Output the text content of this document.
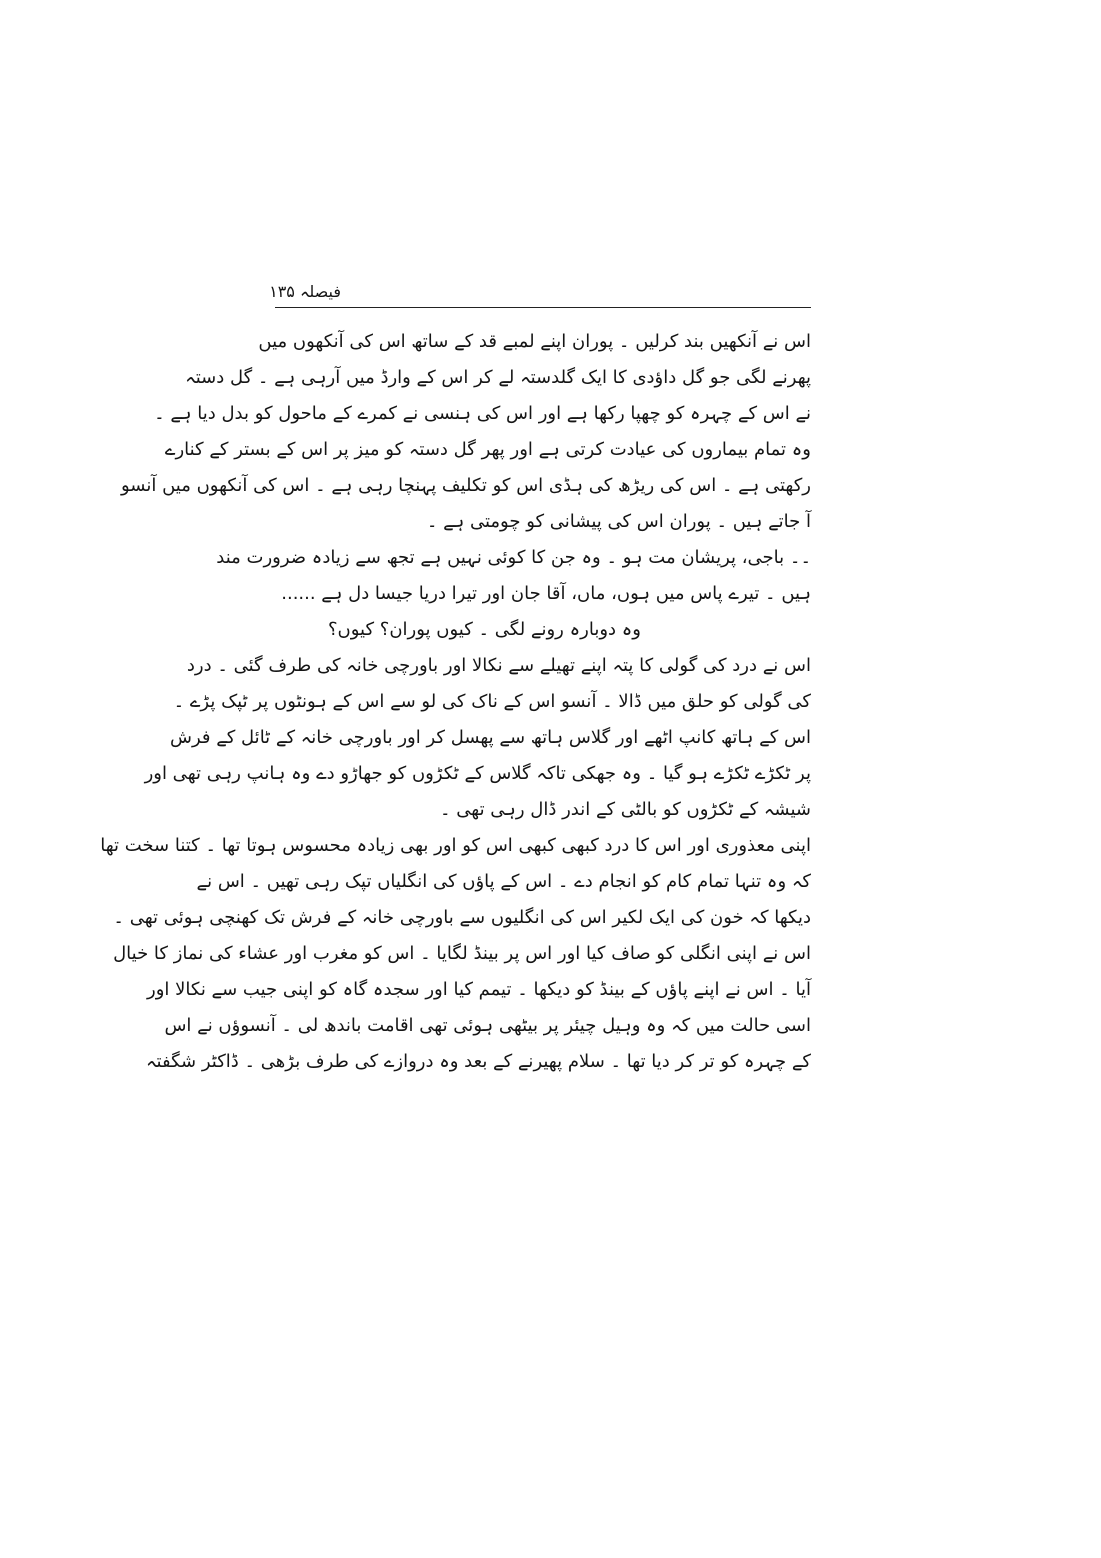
فیصلہ ۱۳۵
اس نے آنکھیں بند کرلیں ۔ پوران اپنے لمبے قد کے ساتھ اس کی آنکھوں میں
پھرنے لگی جو گل داؤدی کا ایک گلدستہ لے کر اس کے وارڈ میں آرہی ہے ۔ گل دستہ
نے اس کے چہرہ کو چھپا رکھا ہے اور اس کی ہنسی نے کمرے کے ماحول کو بدل دیا ہے ۔
وہ تمام بیماروں کی عیادت کرتی ہے اور پھر گل دستہ کو میز پر اس کے بستر کے کنارے
رکھتی ہے ۔ اس کی ریڑھ کی ہڈی اس کو تکلیف پہنچا رہی ہے ۔ اس کی آنکھوں میں آنسو
آ جاتے ہیں ۔ پوران اس کی پیشانی کو چومتی ہے ۔
۔۔ باجی، پریشان مت ہو ۔ وہ جن کا کوئی نہیں ہے تجھ سے زیادہ ضرورت مند
ہیں ۔ تیرے پاس میں ہوں، ماں، آقا جان اور تیرا دریا جیسا دل ہے ......
وہ دوبارہ رونے لگی ۔ کیوں پوران؟ کیوں؟
اس نے درد کی گولی کا پتہ اپنے تھیلے سے نکالا اور باورچی خانہ کی طرف گئی ۔ درد
کی گولی کو حلق میں ڈالا ۔ آنسو اس کے ناک کی لو سے اس کے ہونٹوں پر ٹپک پڑے ۔
اس کے ہاتھ کانپ اٹھے اور گلاس ہاتھ سے پھسل کر اور باورچی خانہ کے ٹائل کے فرش
پر ٹکڑے ٹکڑے ہو گیا ۔ وہ جھکی تاکہ گلاس کے ٹکڑوں کو جھاڑو دے وہ ہانپ رہی تھی اور
شیشہ کے ٹکڑوں کو بالٹی کے اندر ڈال رہی تھی ۔
اپنی معذوری اور اس کا درد کبھی کبھی اس کو اور بھی زیادہ محسوس ہوتا تھا ۔ کتنا سخت تھا
کہ وہ تنہا تمام کام کو انجام دے ۔ اس کے پاؤں کی انگلیاں تپک رہی تھیں ۔ اس نے
دیکھا کہ خون کی ایک لکیر اس کی انگلیوں سے باورچی خانہ کے فرش تک کھنچی ہوئی تھی ۔
اس نے اپنی انگلی کو صاف کیا اور اس پر بینڈ لگایا ۔ اس کو مغرب اور عشاء کی نماز کا خیال
آیا ۔ اس نے اپنے پاؤں کے بینڈ کو دیکھا ۔ تیمم کیا اور سجدہ گاہ کو اپنی جیب سے نکالا اور
اسی حالت میں کہ وہ وہیل چیئر پر بیٹھی ہوئی تھی اقامت باندھ لی ۔ آنسوؤں نے اس
کے چہرہ کو تر کر دیا تھا ۔ سلام پھیرنے کے بعد وہ دروازے کی طرف بڑھی ۔ ڈاکٹر شگفتہ
